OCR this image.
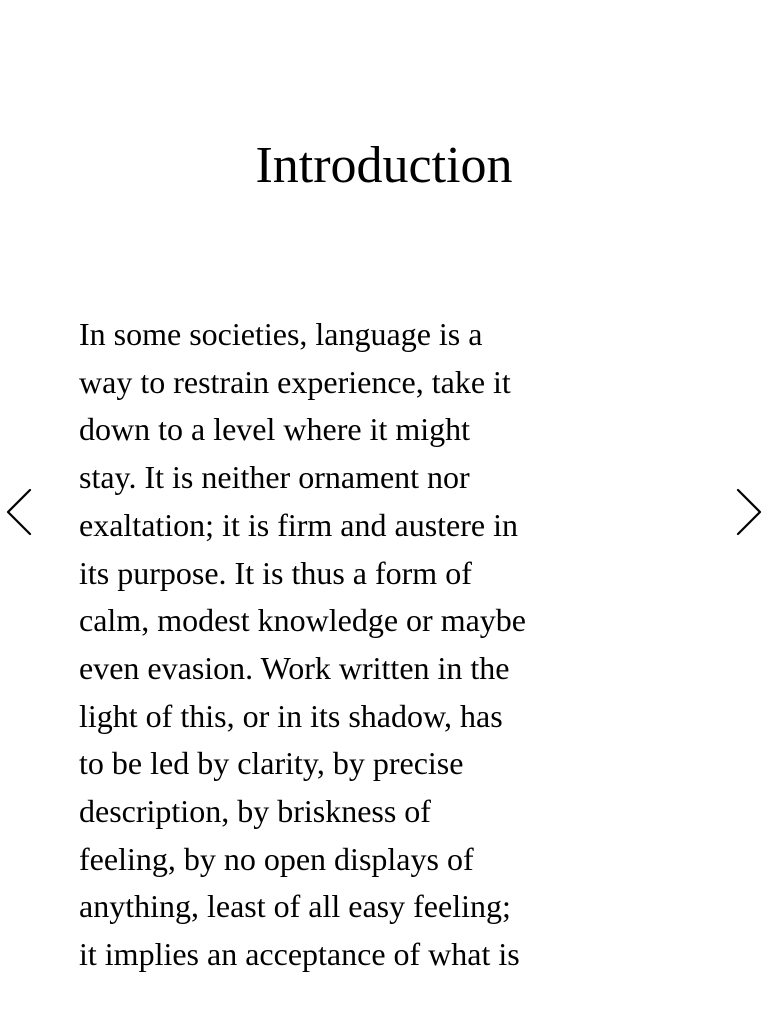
Introduction
In some societies, language is a
way to restrain experience, take it
down to a level where it might
stay. It is neither ornament nor
exaltation; it is firm and austere in
its purpose. It is thus a form of
calm, modest knowledge or maybe
even evasion. Work written in the
light of this, or in its shadow, has
to be led by clarity, by precise
description, by briskness of
feeling, by no open displays of
anything, least of all easy feeling;
it implies an acceptance of what is
